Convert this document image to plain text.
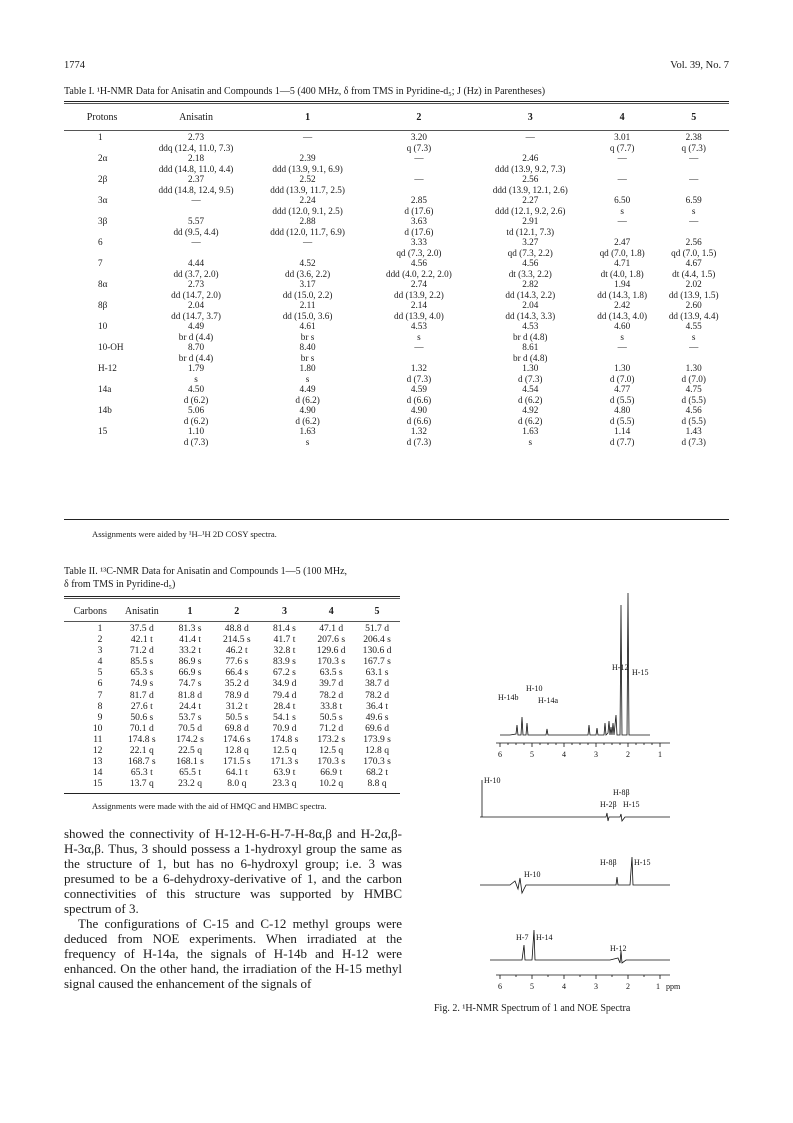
1774	Vol. 39, No. 7
Table I. ¹H-NMR Data for Anisatin and Compounds 1—5 (400 MHz, δ from TMS in Pyridine-d₅; J (Hz) in Parentheses)
Protons	Anisatin	1	2	3	4	5
1	2.73	—	3.20	—	3.01	2.38
	ddq (12.4, 11.0, 7.3)		q (7.3)		q (7.7)	q (7.3)
2α	2.18	2.39	—	2.46	—	—
	ddd (14.8, 11.0, 4.4)	ddd (13.9, 9.1, 6.9)		ddd (13.9, 9.2, 7.3)		
2β	2.37	2.52	—	2.56	—	—
	ddd (14.8, 12.4, 9.5)	ddd (13.9, 11.7, 2.5)		ddd (13.9, 12.1, 2.6)		
3α	—	2.24	2.85	2.27	6.50	6.59
		ddd (12.0, 9.1, 2.5)	d (17.6)	ddd (12.1, 9.2, 2.6)	s	s
3β	5.57	2.88	3.63	2.91	—	—
	dd (9.5, 4.4)	ddd (12.0, 11.7, 6.9)	d (17.6)	td (12.1, 7.3)		
6	—	—	3.33	3.27	2.47	2.56
			qd (7.3, 2.0)	qd (7.3, 2.2)	qd (7.0, 1.8)	qd (7.0, 1.5)
7	4.44	4.52	4.56	4.56	4.71	4.67
	dd (3.7, 2.0)	dd (3.6, 2.2)	ddd (4.0, 2.2, 2.0)	dt (3.3, 2.2)	dt (4.0, 1.8)	dt (4.4, 1.5)
8α	2.73	3.17	2.74	2.82	1.94	2.02
	dd (14.7, 2.0)	dd (15.0, 2.2)	dd (13.9, 2.2)	dd (14.3, 2.2)	dd (14.3, 1.8)	dd (13.9, 1.5)
8β	2.04	2.11	2.14	2.04	2.42	2.60
	dd (14.7, 3.7)	dd (15.0, 3.6)	dd (13.9, 4.0)	dd (14.3, 3.3)	dd (14.3, 4.0)	dd (13.9, 4.4)
10	4.49	4.61	4.53	4.53	4.60	4.55
	br d (4.4)	br s	s	br d (4.8)	s	s
10-OH	8.70	8.40	—	8.61	—	—
	br d (4.4)	br s		br d (4.8)		
H-12	1.79	1.80	1.32	1.30	1.30	1.30
	s	s	d (7.3)	d (7.3)	d (7.0)	d (7.0)
14a	4.50	4.49	4.59	4.54	4.77	4.75
	d (6.2)	d (6.2)	d (6.6)	d (6.2)	d (5.5)	d (5.5)
14b	5.06	4.90	4.90	4.92	4.80	4.56
	d (6.2)	d (6.2)	d (6.6)	d (6.2)	d (5.5)	d (5.5)
15	1.10	1.63	1.32	1.63	1.14	1.43
	d (7.3)	s	d (7.3)	s	d (7.7)	d (7.3)
Assignments were aided by ¹H–¹H 2D COSY spectra.
Table II. ¹³C-NMR Data for Anisatin and Compounds 1—5 (100 MHz,
δ from TMS in Pyridine-d₅)
Carbons	Anisatin	1	2	3	4	5
1	37.5 d	81.3 s	48.8 d	81.4 s	47.1 d	51.7 d
2	42.1 t	41.4 t	214.5 s	41.7 t	207.6 s	206.4 s
3	71.2 d	33.2 t	46.2 t	32.8 t	129.6 d	130.6 d
4	85.5 s	86.9 s	77.6 s	83.9 s	170.3 s	167.7 s
5	65.3 s	66.9 s	66.4 s	67.2 s	63.5 s	63.1 s
6	74.9 s	74.7 s	35.2 d	34.9 d	39.7 d	38.7 d
7	81.7 d	81.8 d	78.9 d	79.4 d	78.2 d	78.2 d
8	27.6 t	24.4 t	31.2 t	28.4 t	33.8 t	36.4 t
9	50.6 s	53.7 s	50.5 s	54.1 s	50.5 s	49.6 s
10	70.1 d	70.5 d	69.8 d	70.9 d	71.2 d	69.6 d
11	174.8 s	174.2 s	174.6 s	174.8 s	173.2 s	173.9 s
12	22.1 q	22.5 q	12.8 q	12.5 q	12.5 q	12.8 q
13	168.7 s	168.1 s	171.5 s	171.3 s	170.3 s	170.3 s
14	65.3 t	65.5 t	64.1 t	63.9 t	66.9 t	68.2 t
15	13.7 q	23.2 q	8.0 q	23.3 q	10.2 q	8.8 q
Assignments were made with the aid of HMQC and HMBC spectra.

showed the connectivity of H-12-H-6-H-7-H-8α,β and H-2α,β-H-3α,β. Thus, 3 should possess a 1-hydroxyl group the same as the structure of 1, but has no 6-hydroxyl group; i.e. 3 was presumed to be a 6-dehydroxy-derivative of 1, and the carbon connectivities of this structure was supported by HMBC spectrum of 3.

The configurations of C-15 and C-12 methyl groups were deduced from NOE experiments. When irradiated at the frequency of H-14a, the signals of H-14b and H-12 were enhanced. On the other hand, the irradiation of the H-15 methyl signal caused the enhancement of the signals of

H-12
H-15
H-10
H-14b H-14a
6	5	4	3	2	1
H-10
H-2β
H-8β
H-15
H-8β H-15
H-10
H-7 H-14
H-12
6	5	4	3	2	1 ppm
Fig. 2. ¹H-NMR Spectrum of 1 and NOE Spectra
